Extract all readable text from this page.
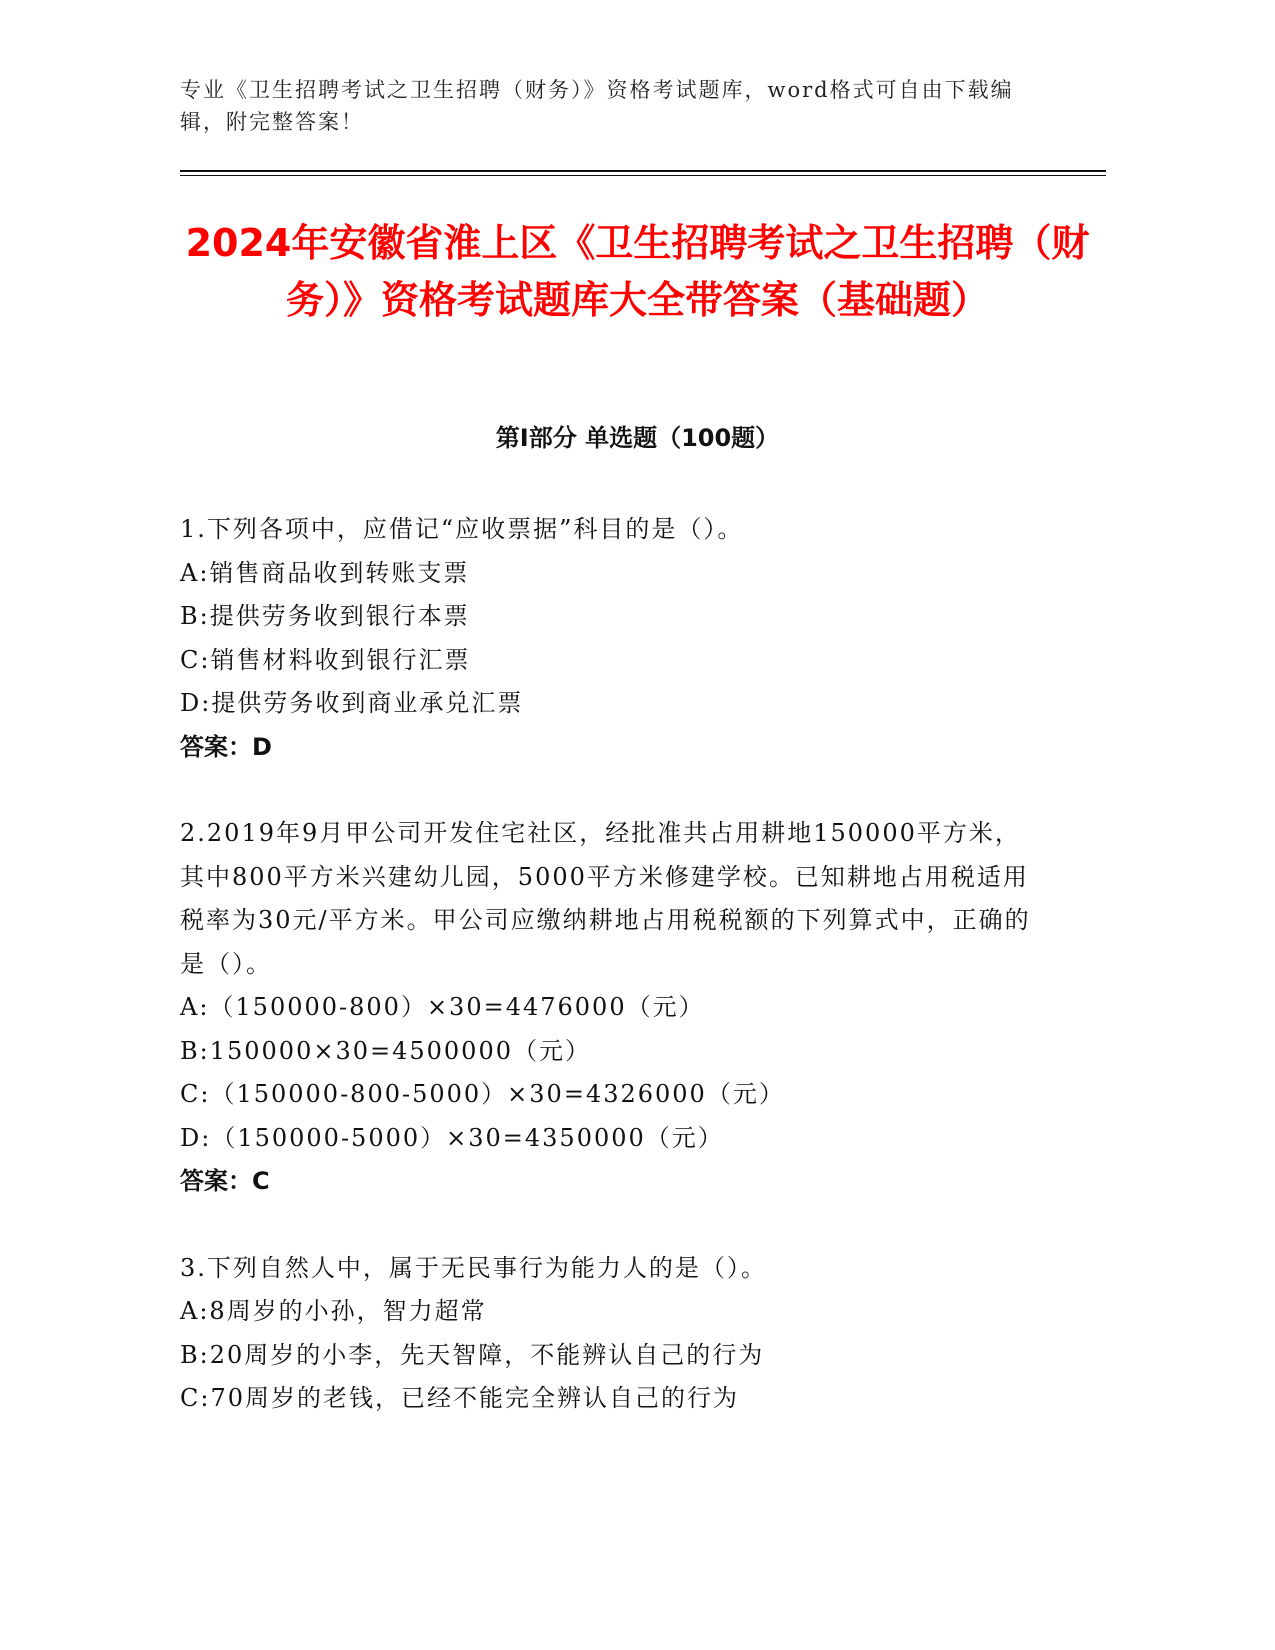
专业《卫生招聘考试之卫生招聘（财务）》资格考试题库，word格式可自由下载编辑，附完整答案！
2024年安徽省淮上区《卫生招聘考试之卫生招聘（财务）》资格考试题库大全带答案（基础题）
第I部分 单选题（100题）
1.下列各项中，应借记“应收票据”科目的是（）。
A:销售商品收到转账支票
B:提供劳务收到银行本票
C:销售材料收到银行汇票
D:提供劳务收到商业承兑汇票
答案：D
2.2019年9月甲公司开发住宅社区，经批准共占用耕地150000平方米，其中800平方米兴建幼儿园，5000平方米修建学校。已知耕地占用税适用税率为30元/平方米。甲公司应缴纳耕地占用税税额的下列算式中，正确的是（）。
A:（150000-800）×30=4476000（元）
B:150000×30=4500000（元）
C:（150000-800-5000）×30=4326000（元）
D:（150000-5000）×30=4350000（元）
答案：C
3.下列自然人中，属于无民事行为能力人的是（）。
A:8周岁的小孙，智力超常
B:20周岁的小李，先天智障，不能辨认自己的行为
C:70周岁的老钱，已经不能完全辨认自己的行为
